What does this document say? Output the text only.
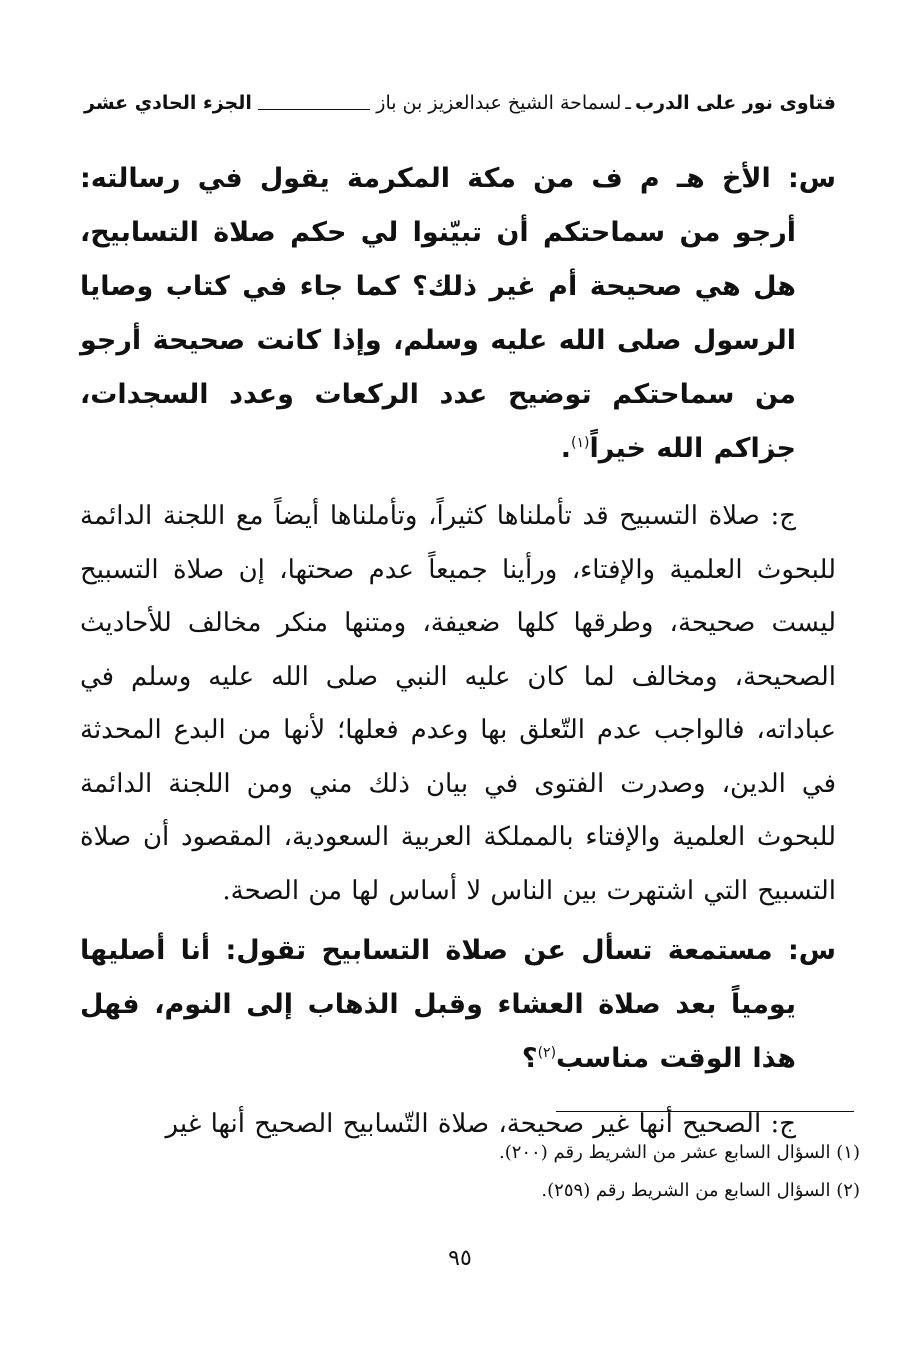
فتاوى نور على الدرب
ـ
لسماحة الشيخ عبدالعزيز بن باز
الجزء الحادي عشر

س: الأخ هـ م ف من مكة المكرمة يقول في رسالته: أرجو من سماحتكم أن تبيّنوا لي حكم صلاة التسابيح، هل هي صحيحة أم غير ذلك؟ كما جاء في كتاب وصايا الرسول صلى الله عليه وسلم، وإذا كانت صحيحة أرجو من سماحتكم توضيح عدد الركعات وعدد السجدات، جزاكم الله خيراً$^{(١)}$.

ج: صلاة التسبيح قد تأملناها كثيراً، وتأملناها أيضاً مع اللجنة الدائمة للبحوث العلمية والإفتاء، ورأينا جميعاً عدم صحتها، إن صلاة التسبيح ليست صحيحة، وطرقها كلها ضعيفة، ومتنها منكر مخالف للأحاديث الصحيحة، ومخالف لما كان عليه النبي صلى الله عليه وسلم في عباداته، فالواجب عدم التّعلق بها وعدم فعلها؛ لأنها من البدع المحدثة في الدين، وصدرت الفتوى في بيان ذلك مني ومن اللجنة الدائمة للبحوث العلمية والإفتاء بالمملكة العربية السعودية، المقصود أن صلاة التسبيح التي اشتهرت بين الناس لا أساس لها من الصحة.

س: مستمعة تسأل عن صلاة التسابيح تقول: أنا أصليها يومياً بعد صلاة العشاء وقبل الذهاب إلى النوم، فهل هذا الوقت مناسب$^{(٢)}$؟

ج: الصحيح أنها غير صحيحة، صلاة التّسابيح الصحيح أنها غير

(١) السؤال السابع عشر من الشريط رقم (٢٠٠).
(٢) السؤال السابع من الشريط رقم (٢٥٩).
٩٥
